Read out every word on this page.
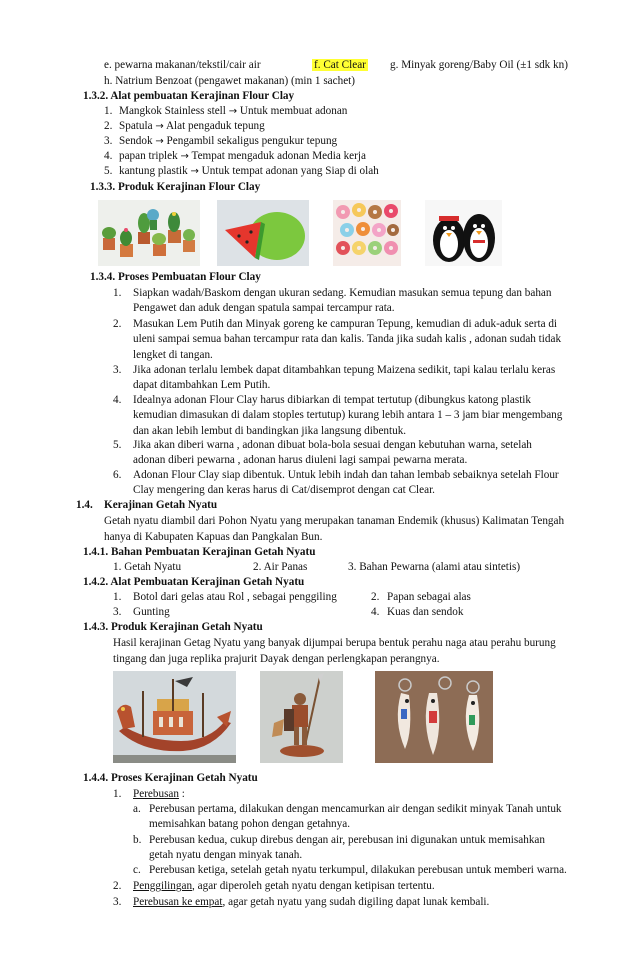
e. pewarna makanan/tekstil/cair air	f. Cat Clear g. Minyak goreng/Baby Oil (±1 sdk kn)
h. Natrium Benzoat (pengawet makanan) (min 1 sachet)
1.3.2. Alat pembuatan Kerajinan Flour Clay
1. Mangkok Stainless stell → Untuk membuat adonan
2. Spatula → Alat pengaduk tepung
3. Sendok → Pengambil sekaligus pengukur tepung
4. papan triplek → Tempat mengaduk adonan Media kerja
5. kantung plastik → Untuk tempat adonan yang Siap di olah
1.3.3. Produk Kerajinan Flour Clay
1.3.4. Proses Pembuatan Flour Clay
1. Siapkan wadah/Baskom dengan ukuran sedang. Kemudian masukan semua tepung dan bahan
Pengawet dan aduk dengan spatula sampai tercampur rata.
2. Masukan Lem Putih dan Minyak goreng ke campuran Tepung, kemudian di aduk-aduk serta di
uleni sampai semua bahan tercampur rata dan kalis. Tanda jika sudah kalis , adonan sudah tidak
lengket di tangan.
3. Jika adonan terlalu lembek dapat ditambahkan tepung Maizena sedikit, tapi kalau terlalu keras
dapat ditambahkan Lem Putih.
4. Idealnya adonan Flour Clay harus dibiarkan di tempat tertutup (dibungkus katong plastik
kemudian dimasukan di dalam stoples tertutup) kurang lebih antara 1 – 3 jam biar mengembang
dan akan lebih lembut di bandingkan jika langsung dibentuk.
5. Jika akan diberi warna , adonan dibuat bola-bola sesuai dengan kebutuhan warna, setelah
adonan diberi pewarna , adonan harus diuleni lagi sampai pewarna merata.
6. Adonan Flour Clay siap dibentuk. Untuk lebih indah dan tahan lembab sebaiknya setelah Flour
Clay mengering dan keras harus di Cat/disemprot dengan cat Clear.
1.4. Kerajinan Getah Nyatu
Getah nyatu diambil dari Pohon Nyatu yang merupakan tanaman Endemik (khusus) Kalimatan Tengah
hanya di Kabupaten Kapuas dan Pangkalan Bun.
1.4.1. Bahan Pembuatan Kerajinan Getah Nyatu
1. Getah Nyatu	2. Air Panas	3. Bahan Pewarna (alami atau sintetis)
1.4.2. Alat Pembuatan Kerajinan Getah Nyatu
1. Botol dari gelas atau Rol , sebagai penggiling	2. Papan sebagai alas
3. Gunting	4. Kuas dan sendok
1.4.3. Produk Kerajinan Getah Nyatu
Hasil kerajinan Getag Nyatu yang banyak dijumpai berupa bentuk perahu naga atau perahu burung
tingang dan juga replika prajurit Dayak dengan perlengkapan perangnya.
1.4.4. Proses Kerajinan Getah Nyatu
1. Perebusan :
a. Perebusan pertama, dilakukan dengan mencamurkan air dengan sedikit minyak Tanah untuk
memisahkan batang pohon dengan getahnya.
b. Perebusan kedua, cukup direbus dengan air, perebusan ini digunakan untuk memisahkan
getah nyatu dengan minyak tanah.
c. Perebusan ketiga, setelah getah nyatu terkumpul, dilakukan perebusan untuk memberi warna.
2. Penggilingan, agar diperoleh getah nyatu dengan ketipisan tertentu.
3. Perebusan ke empat, agar getah nyatu yang sudah digiling dapat lunak kembali.
